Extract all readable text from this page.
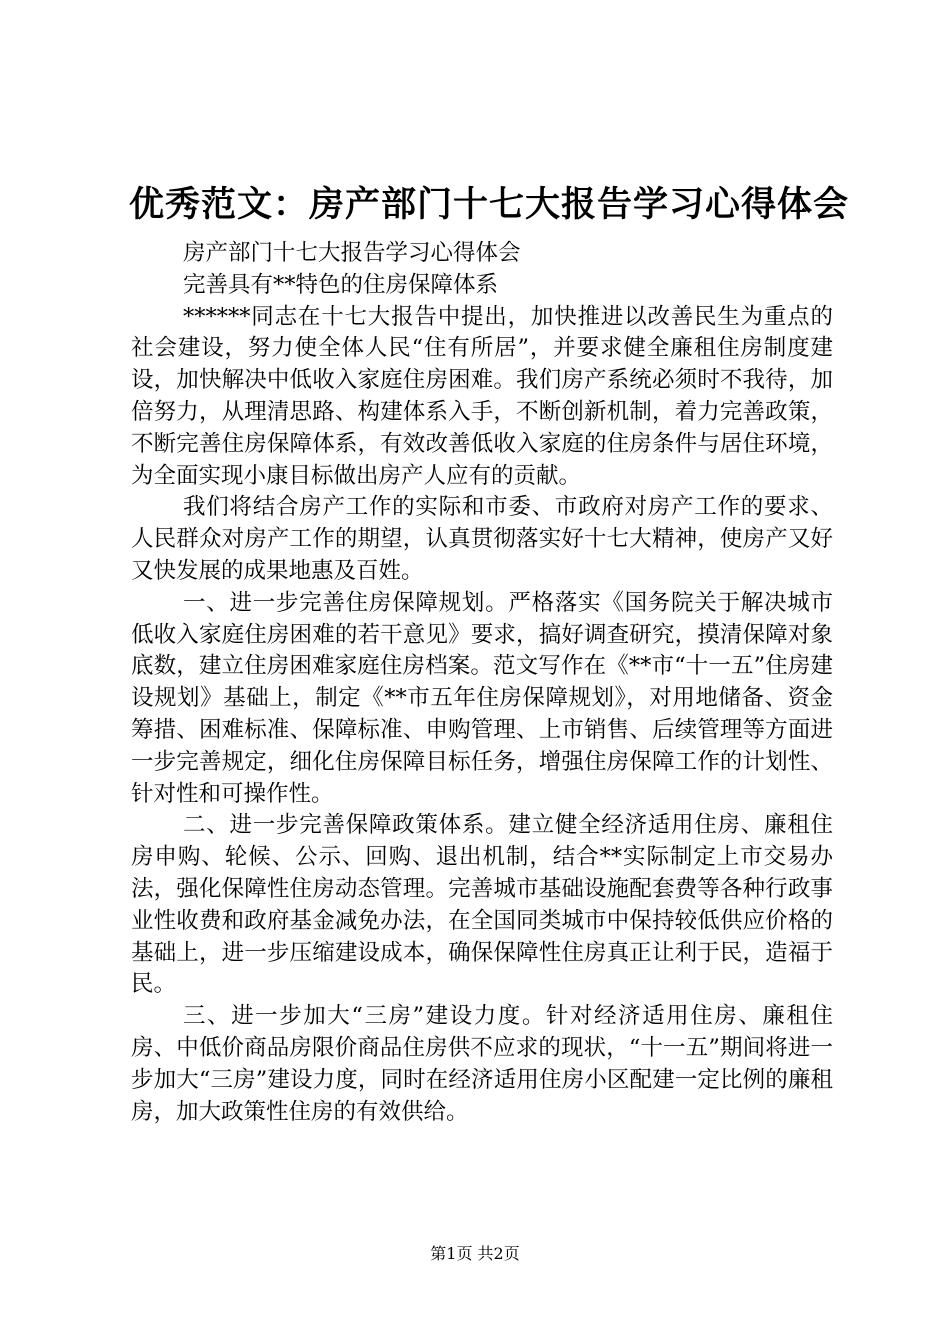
优秀范文：房产部门十七大报告学习心得体会

房产部门十七大报告学习心得体会

完善具有**特色的住房保障体系

******同志在十七大报告中提出，加快推进以改善民生为重点的社会建设，努力使全体人民“住有所居”，并要求健全廉租住房制度建设，加快解决中低收入家庭住房困难。我们房产系统必须时不我待，加倍努力，从理清思路、构建体系入手，不断创新机制，着力完善政策，不断完善住房保障体系，有效改善低收入家庭的住房条件与居住环境，为全面实现小康目标做出房产人应有的贡献。

我们将结合房产工作的实际和市委、市政府对房产工作的要求、人民群众对房产工作的期望，认真贯彻落实好十七大精神，使房产又好又快发展的成果地惠及百姓。

一、进一步完善住房保障规划。严格落实《国务院关于解决城市低收入家庭住房困难的若干意见》要求，搞好调查研究，摸清保障对象底数，建立住房困难家庭住房档案。范文写作在《**市“十一五”住房建设规划》基础上，制定《**市五年住房保障规划》，对用地储备、资金筹措、困难标准、保障标准、申购管理、上市销售、后续管理等方面进一步完善规定，细化住房保障目标任务，增强住房保障工作的计划性、针对性和可操作性。

二、进一步完善保障政策体系。建立健全经济适用住房、廉租住房申购、轮候、公示、回购、退出机制，结合**实际制定上市交易办法，强化保障性住房动态管理。完善城市基础设施配套费等各种行政事业性收费和政府基金减免办法，在全国同类城市中保持较低供应价格的基础上，进一步压缩建设成本，确保保障性住房真正让利于民，造福于民。

三、进一步加大“三房”建设力度。针对经济适用住房、廉租住房、中低价商品房限价商品住房供不应求的现状，“十一五”期间将进一步加大“三房”建设力度，同时在经济适用住房小区配建一定比例的廉租房，加大政策性住房的有效供给。

第1页 共2页
